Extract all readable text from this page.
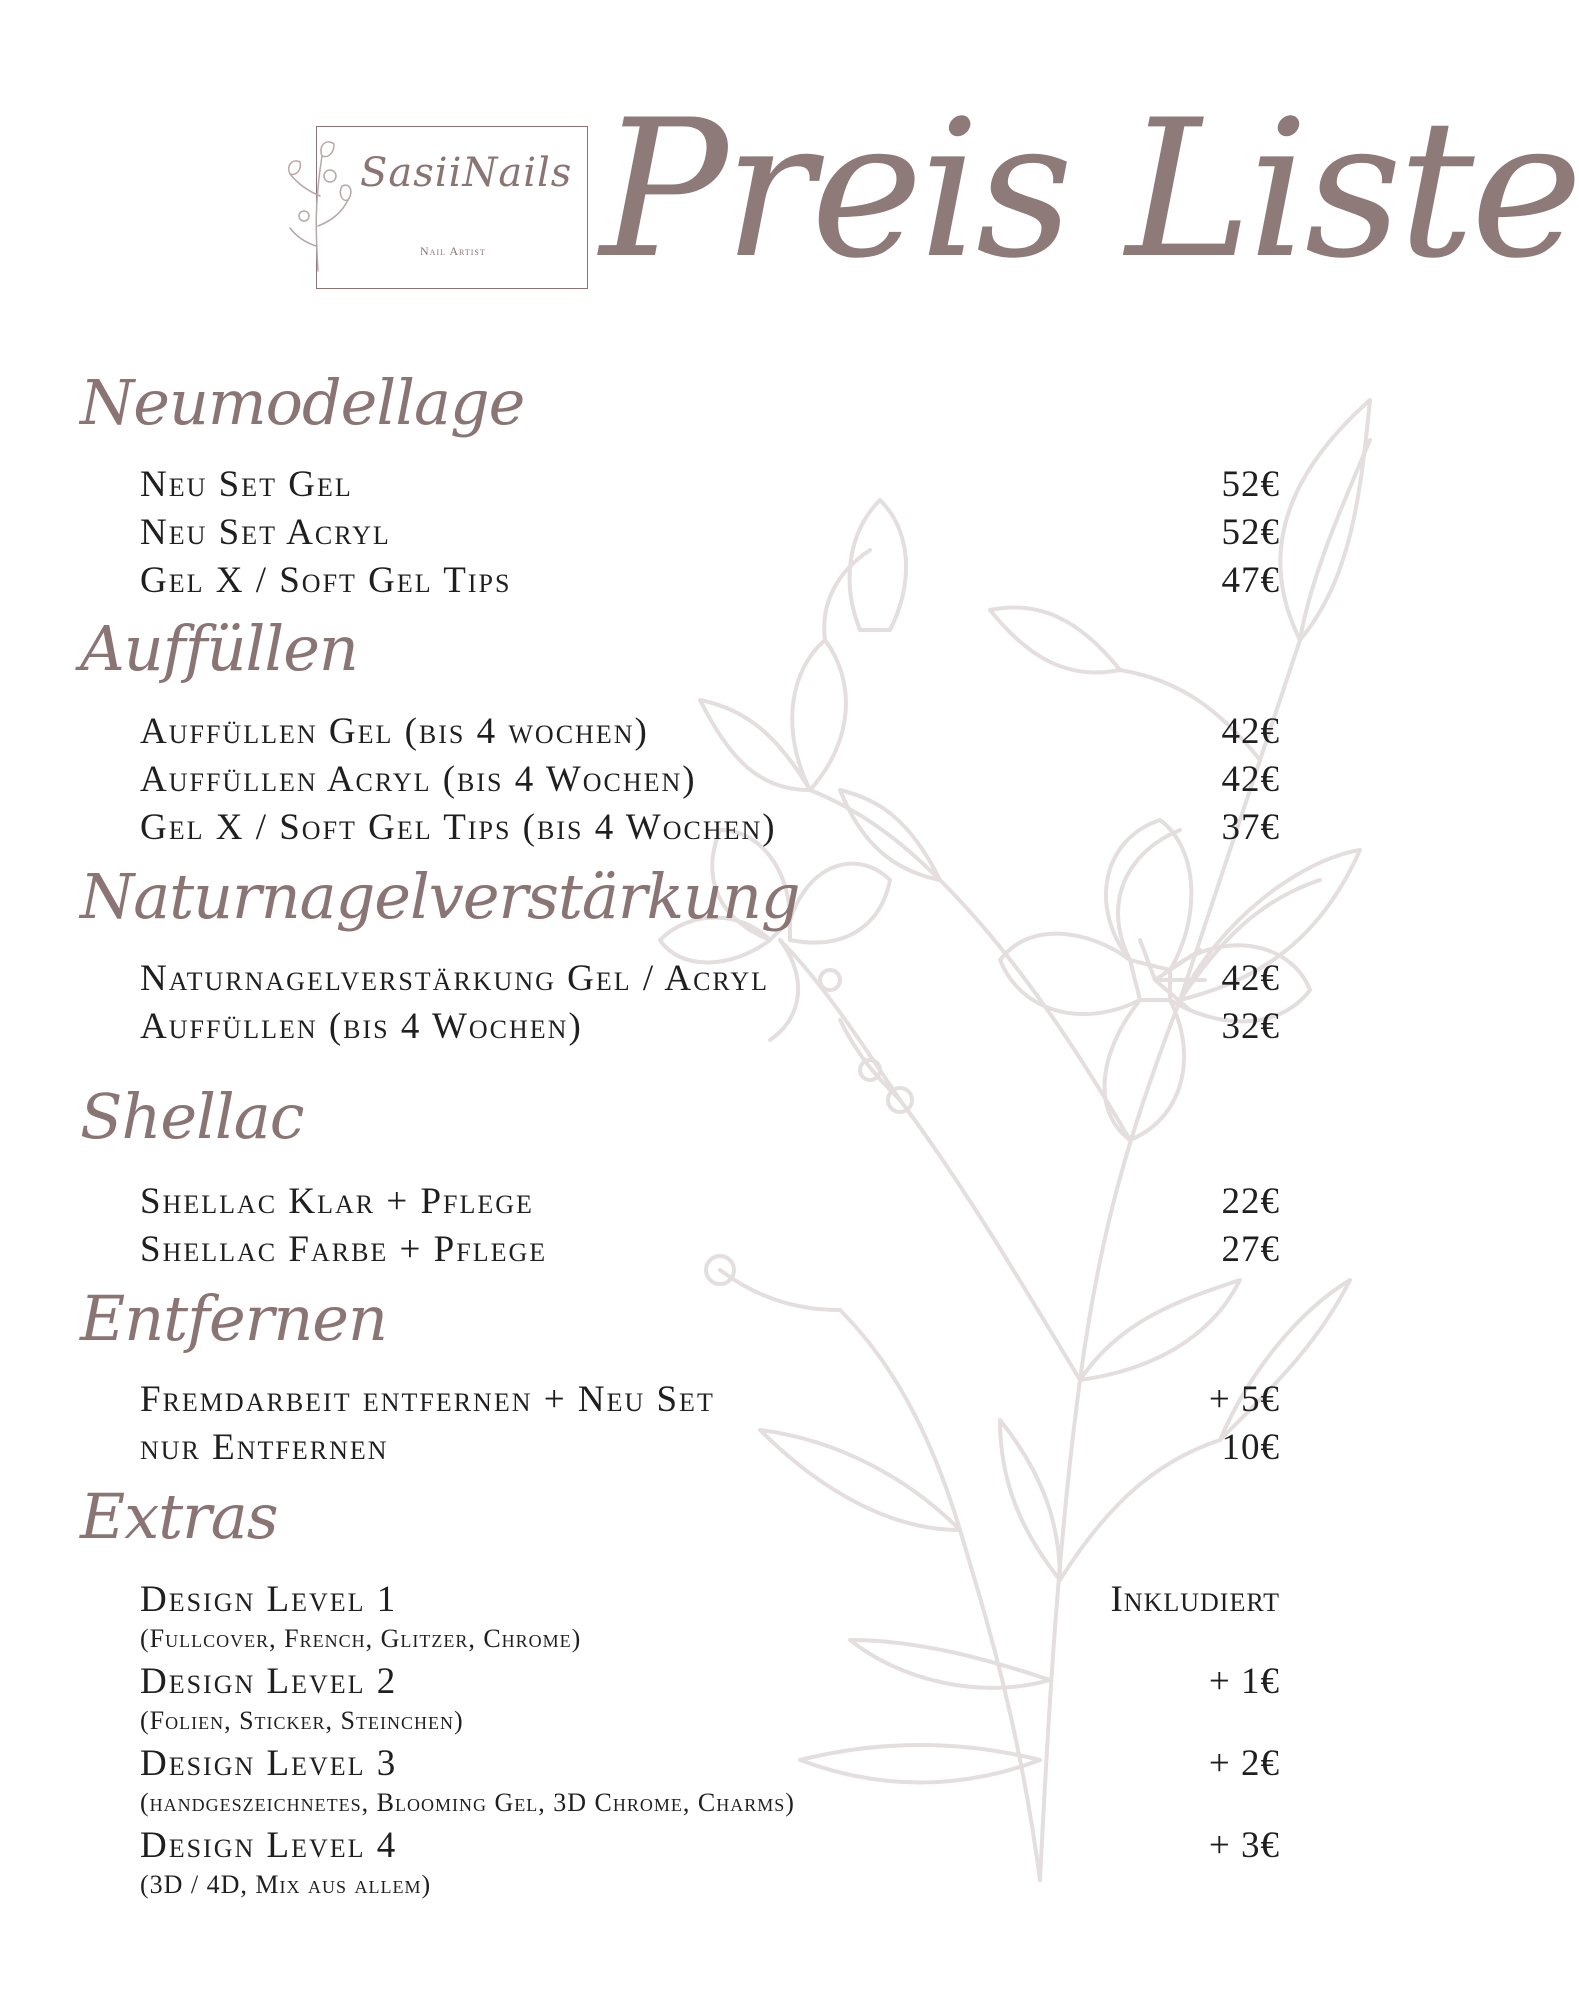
SasiiNails
Nail Artist Preis Liste
Neumodellage
Neu Set Gel	52€
Neu Set Acryl	52€
Gel X / Soft Gel Tips	47€
Auffüllen
Auffüllen Gel (bis 4 wochen)	42€
Auffüllen Acryl (bis 4 Wochen)	42€
Gel X / Soft Gel Tips (bis 4 Wochen)	37€
Naturnagelverstärkung
Naturnagelverstärkung Gel / Acryl	42€
Auffüllen (bis 4 Wochen)	32€
Shellac
Shellac Klar + Pflege	22€
Shellac Farbe + Pflege	27€
Entfernen
Fremdarbeit entfernen + Neu Set	+ 5€
nur Entfernen	10€
Extras
Design Level 1	Inkludiert
(Fullcover, French, Glitzer, Chrome)
Design Level 2	+ 1€
(Folien, Sticker, Steinchen)
Design Level 3	+ 2€
(handgeszeichnetes, Blooming Gel, 3D Chrome, Charms)
Design Level 4	+ 3€
(3D / 4D, Mix aus allem)
